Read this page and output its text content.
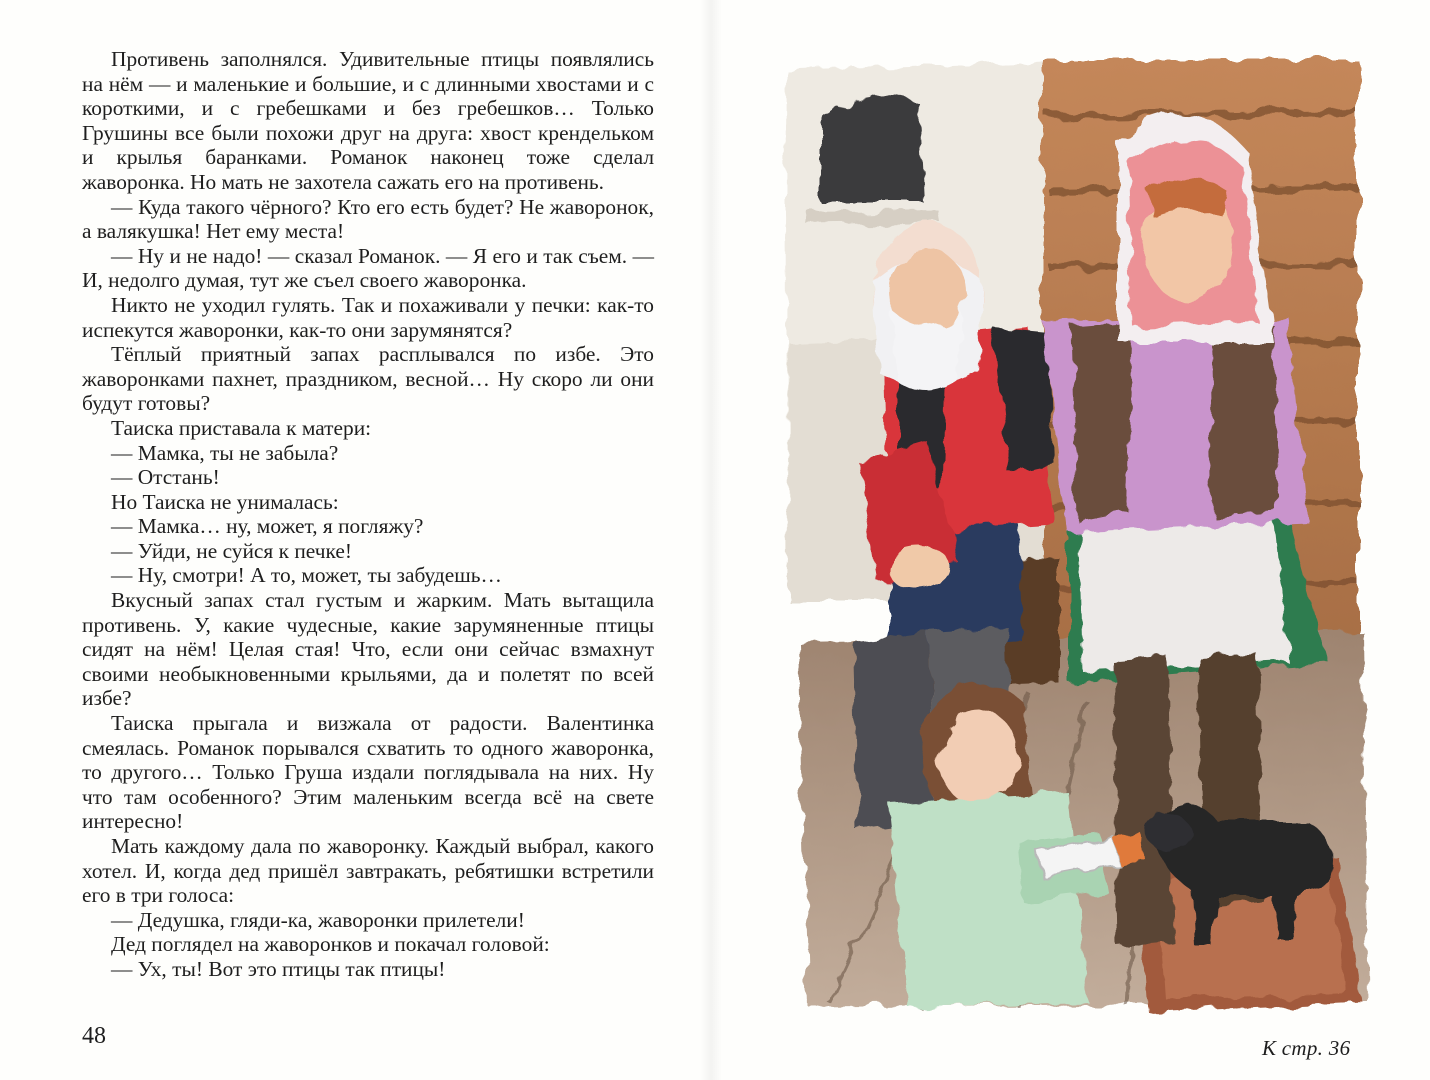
Противень заполнялся. Удивительные птицы появлялись на нём — и маленькие и большие, и с длинными хвостами и с короткими, и с гребешками и без гребешков… Только Грушины все были похожи друг на друга: хвост крендельком и крылья баранками. Романок наконец тоже сделал жаворонка. Но мать не захотела сажать его на противень.

— Куда такого чёрного? Кто его есть будет? Не жаворонок, а валякушка! Нет ему места!

— Ну и не надо! — сказал Романок. — Я его и так съем. — И, недолго думая, тут же съел своего жаворонка.

Никто не уходил гулять. Так и похаживали у печки: как-то испекутся жаворонки, как-то они зарумянятся?

Тёплый приятный запах расплывался по избе. Это жаворонками пахнет, праздником, весной… Ну скоро ли они будут готовы?

Таиска приставала к матери:

— Мамка, ты не забыла?

— Отстань!

Но Таиска не унималась:

— Мамка… ну, может, я погляжу?

— Уйди, не суйся к печке!

— Ну, смотри! А то, может, ты забудешь…

Вкусный запах стал густым и жарким. Мать вытащила противень. У, какие чудесные, какие зарумяненные птицы сидят на нём! Целая стая! Что, если они сейчас взмахнут своими необыкновенными крыльями, да и полетят по всей избе?

Таиска прыгала и визжала от радости. Валентинка смеялась. Романок порывался схватить то одного жаворонка, то другого… Только Груша издали поглядывала на них. Ну что там особенного? Этим маленьким всегда всё на свете интересно!

Мать каждому дала по жаворонку. Каждый выбрал, какого хотел. И, когда дед пришёл завтракать, ребятишки встретили его в три голоса:

— Дедушка, гляди-ка, жаворонки прилетели!

Дед поглядел на жаворонков и покачал головой:

— Ух, ты! Вот это птицы так птицы!

48	К стр. 36
